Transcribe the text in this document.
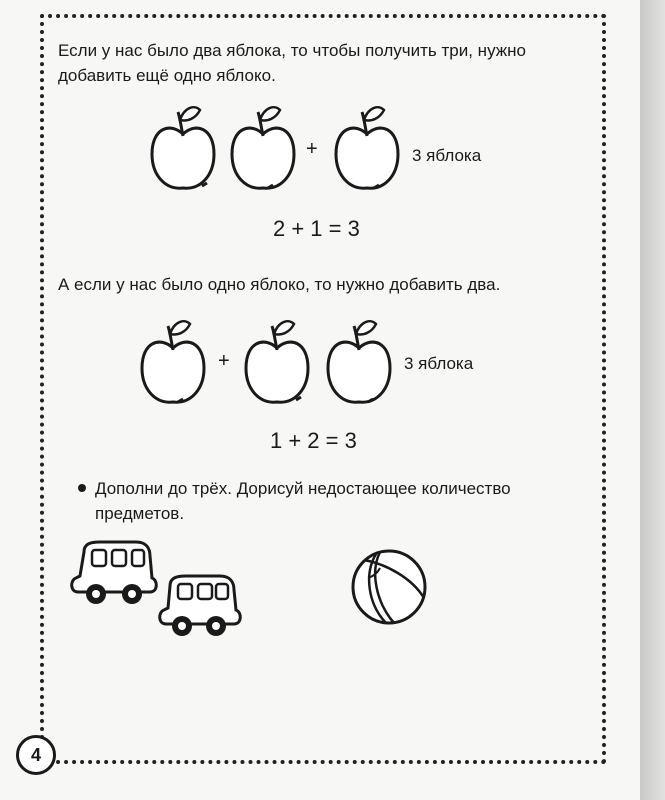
Если у нас было два яблока, то чтобы получить три, нужно добавить ещё одно яблоко.

+	3 яблока
2 + 1 = 3

А если у нас было одно яблоко, то нужно добавить два.

+	3 яблока
1 + 2 = 3

Дополни до трёх. Дорисуй недостающее количество предметов.

4
